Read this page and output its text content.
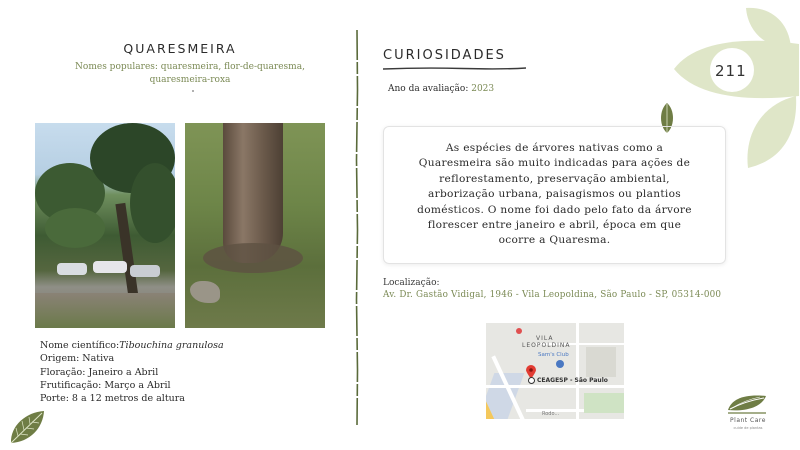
QUARESMEIRA
Nomes populares: quaresmeira, flor-de-quaresma,
quaresmeira-roxa
Nome científico:Tibouchina granulosa
Origem: Nativa
Floração: Janeiro a Abril
Frutificação: Março a Abril
Porte: 8 a 12 metros de altura
CURIOSIDADES
Ano da avaliação: 2023
As espécies de árvores nativas como a
Quaresmeira são muito indicadas para ações de
reflorestamento, preservação ambiental,
arborização urbana, paisagismos ou plantios
domésticos. O nome foi dado pelo fato da árvore
florescer entre janeiro e abril, época em que
ocorre a Quaresma.
Localização:
Av. Dr. Gastão Vidigal, 1946 - Vila Leopoldina, São Paulo - SP, 05314-000
VILA
LEOPOLDINA
Sam's Club
CEAGESP - São Paulo
Rodo...
211
Plant Care
cuide de plantas
